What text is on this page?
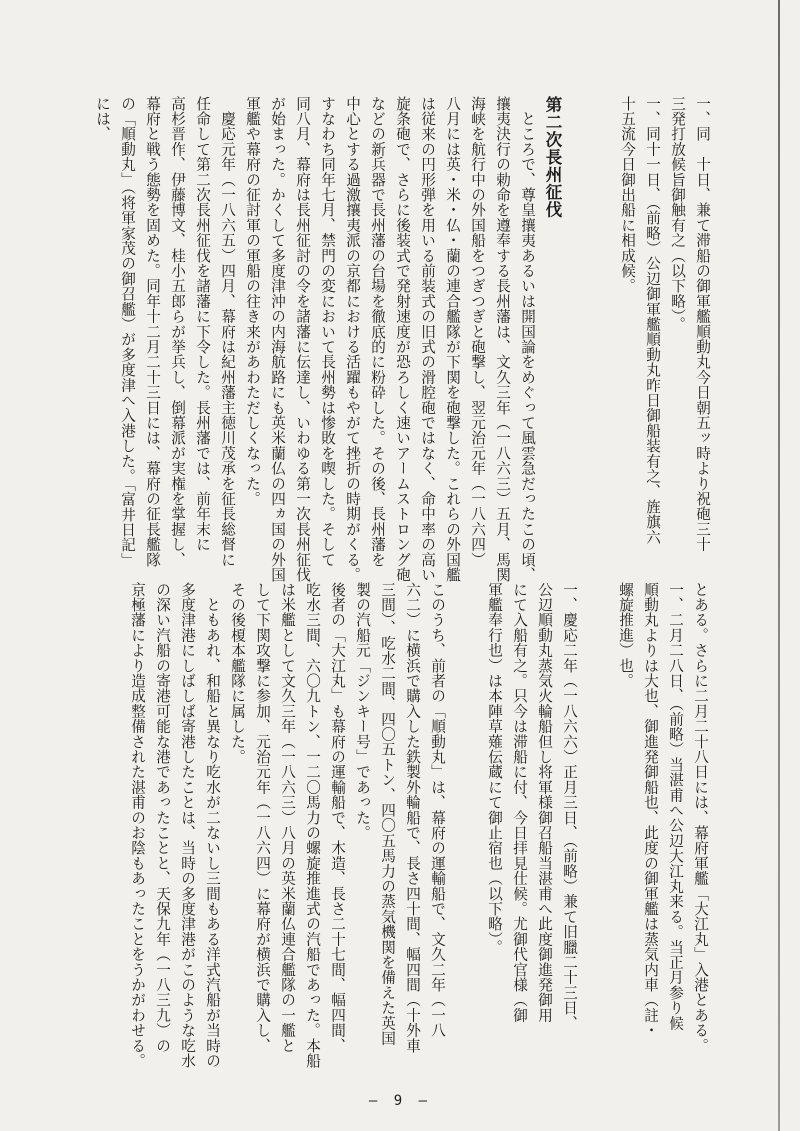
一、同　十日、兼て滞船の御軍艦順動丸今日朝五ッ時より祝砲三十

三発打放候旨御触有之（以下略）。

一、同十一日、（前略）公辺御軍艦順動丸昨日御船装有之、旌旗六

十五流今日御出船に相成候。

第二次長州征伐

　ところで、尊皇攘夷あるいは開国論をめぐって風雲急だったこの頃、

攘夷決行の勅命を遵奉する長州藩は、文久三年（一八六三）五月、馬関

海峡を航行中の外国船をつぎつぎと砲撃し、翌元治元年（一八六四）

八月には英・米・仏・蘭の連合艦隊が下関を砲撃した。これらの外国艦

は従来の円形弾を用いる前装式の旧式の滑腔砲ではなく、命中率の高い

旋条砲で、さらに後装式で発射速度が恐ろしく速いアームストロング砲

などの新兵器で長州藩の台場を徹底的に粉砕した。その後、長州藩を

中心とする過激攘夷派の京都における活躍もやがて挫折の時期がくる。

すなわち同年七月、禁門の変において長州勢は惨敗を喫した。そして

同八月、幕府は長州征討の令を諸藩に伝達し、いわゆる第一次長州征伐

が始まった。かくして多度津沖の内海航路にも英米蘭仏の四ヵ国の外国

軍艦や幕府の征討軍の軍船の往き来があわただしくなった。

　慶応元年（一八六五）四月、幕府は紀州藩主徳川茂承を征長総督に

任命して第二次長州征伐を諸藩に下令した。長州藩では、前年末に

高杉晋作、伊藤博文、桂小五郎らが挙兵し、倒幕派が実権を掌握し、

幕府と戦う態勢を固めた。同年十二月二十三日には、幕府の征長艦隊

の「順動丸」（将軍家茂の御召艦）が多度津へ入港した。「富井日記」

には、

とある。さらに二月二十八日には、幕府軍艦「大江丸」入港とある。

一、二月二八日、（前略）当湛甫へ公辺大江丸来る。当正月参り候

順動丸よりは大也、御進発御船也、此度の御軍艦は蒸気内車（註・

螺旋推進）也。

一、慶応二年（一八六六）正月三日、（前略）兼て旧臘二十三日、

公辺順動丸蒸気火輪船但し将軍様御召船当湛甫へ此度御進発御用

にて入船有之。只今は滞船に付、今日拝見仕候。尤御代官様（御

軍艦奉行也）は本陣草薙伝蔵にて御止宿也（以下略）。

このうち、前者の「順動丸」は、幕府の運輸船で、文久二年（一八

六二）に横浜で購入した鉄製外輪船で、長さ四十間、幅四間（十外車

三間）、吃水二間、四〇五トン、四〇五馬力の蒸気機関を備えた英国

製の汽船元「ジンキー号」であった。

後者の「大江丸」も幕府の運輸船で、木造、長さ二十七間、幅四間、

吃水三間、六〇九トン、一二〇馬力の螺旋推進式の汽船であった。本船

は米艦として文久三年（一八六三）八月の英米蘭仏連合艦隊の一艦と

して下関攻撃に参加、元治元年（一八六四）に幕府が横浜で購入し、

その後榎本艦隊に属した。

　ともあれ、和船と異なり吃水が二ないし三間もある洋式汽船が当時の

多度津港にしばしば寄港したことは、当時の多度津港がこのような吃水

の深い汽船の寄港可能な港であったことと、天保九年（一八三九）の

京極藩により造成整備された湛甫のお陰もあったことをうかがわせる。

— 9 —
